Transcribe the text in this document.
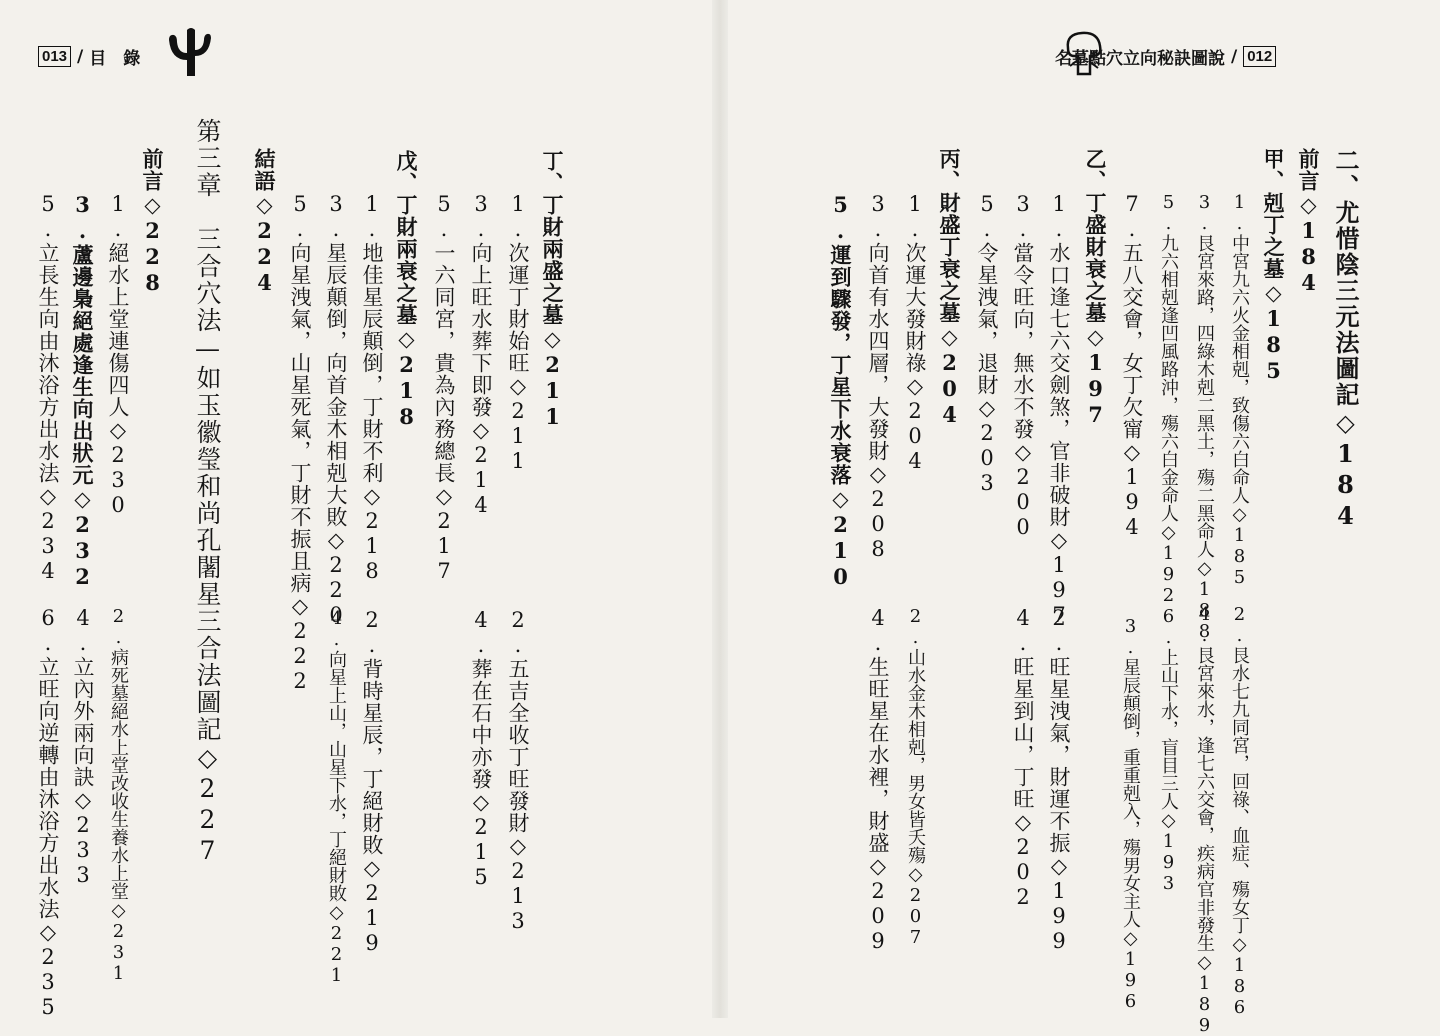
013 / 目　錄
丁、丁財兩盛之墓◇211
1.次運丁財始旺◇211
3.向上旺水葬下即發◇214
5.一六同宮，貴為內務總長◇217
戊、丁財兩衰之墓◇218
1.地佳星辰顛倒，丁財不利◇218
3.星辰顛倒，向首金木相剋大敗◇220
5.向星洩氣，山星死氣，丁財不振且病◇222
結語◇224
第三章　三合穴法—如玉徽瑩和尚孔闍星三合法圖記◇227
前言◇228
1.絕水上堂連傷四人◇230
3.蘆邊梟絕處逢生向出狀元◇232
5.立長生向由沐浴方出水法◇234
2.五吉全收丁旺發財◇213
4.葬在石中亦發◇215
2.背時星辰，丁絕財敗◇219
4.向星上山，山星下水，丁絕財敗◇221
2.病死墓絕水上堂改收生養水上堂◇231
4.立內外兩向訣◇233
6.立旺向逆轉由沐浴方出水法◇235
名墓點穴立向秘訣圖說 / 012
二、尤惜陰三元法圖記◇184
前言◇184
甲、剋丁之墓◇185
1.中宮九六火金相剋，致傷六白命人◇185
3.艮宮來路，四綠木剋二黑土，殤二黑命人◇188
5.九六相剋逢凹風路沖，殤六白金命人◇192
7.五八交會，女丁欠甯◇194
乙、丁盛財衰之墓◇197
1.水口逢七六交劍煞，官非破財◇197
3.當令旺向，無水不發◇200
5.令星洩氣，退財◇203
丙、財盛丁衰之墓◇204
1.次運大發財祿◇204
3.向首有水四層，大發財◇208
5.運到驟發，丁星下水衰落◇210
2.艮水七九同宮，回祿、血症、殤女丁◇186
4.艮宮來水，逢七六交會，疾病官非發生◇189
6.上山下水，盲目三人◇193
3.星辰顛倒，重重剋入，殤男女主人◇196
2.旺星洩氣，財運不振◇199
4.旺星到山，丁旺◇202
2.山水金木相剋，男女皆夭殤◇207
4.生旺星在水裡，財盛◇209
